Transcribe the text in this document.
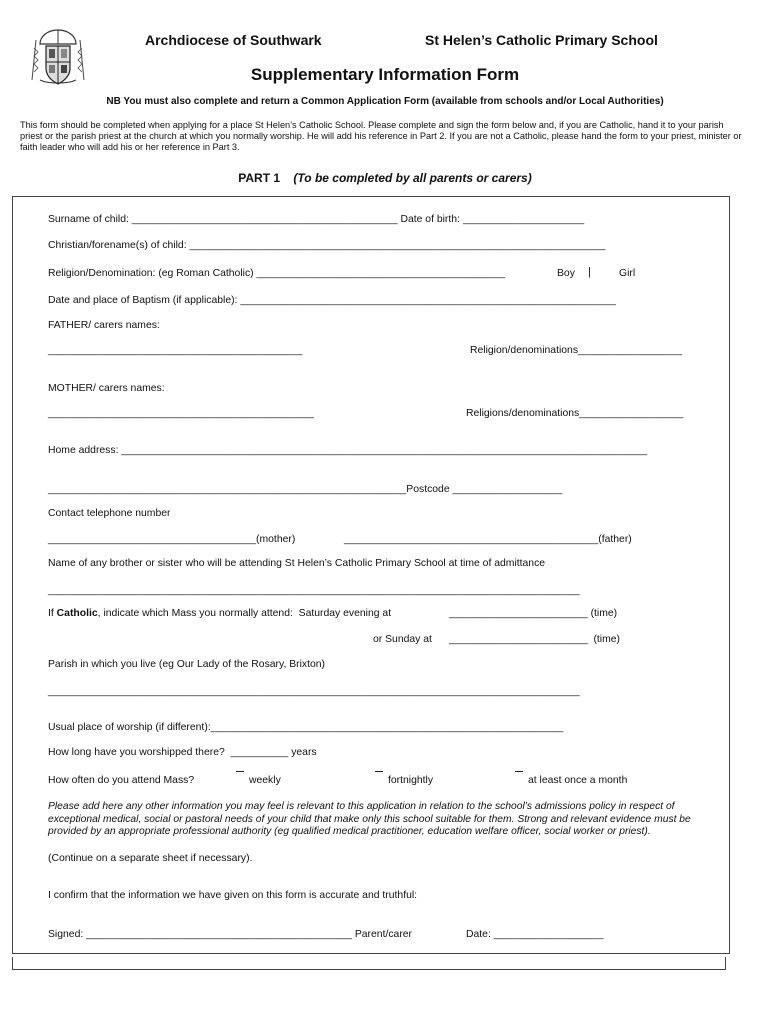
Archdiocese of Southwark	St Helen’s Catholic Primary School
Supplementary Information Form
NB You must also complete and return a Common Application Form (available from schools and/or Local Authorities)
This form should be completed when applying for a place St Helen’s Catholic School. Please complete and sign the form below and, if you are Catholic, hand it to your parish priest or the parish priest at the church at which you normally worship. He will add his reference in Part 2. If you are not a Catholic, please hand the form to your priest, minister or faith leader who will add his or her reference in Part 3.
PART 1 (To be completed by all parents or carers)
Surname of child: ______________________________________________ Date of birth: _____________________
Christian/forename(s) of child: ________________________________________________________________________
Religion/Denomination: (eg Roman Catholic) ___________________________________________	Boy |	Girl
Date and place of Baptism (if applicable): _________________________________________________________________
FATHER/ carers names:
____________________________________________	Religion/denominations__________________
MOTHER/ carers names:
______________________________________________	Religions/denominations__________________
Home address: ___________________________________________________________________________________________
______________________________________________________________Postcode ___________________
Contact telephone number
____________________________________(mother)	____________________________________________(father)
Name of any brother or sister who will be attending St Helen’s Catholic Primary School at time of admittance
____________________________________________________________________________________________
If Catholic, indicate which Mass you normally attend:  Saturday evening at	________________________ (time)
or Sunday at ________________________  (time)
Parish in which you live (eg Our Lady of the Rosary, Brixton)
____________________________________________________________________________________________
Usual place of worship (if different):_____________________________________________________________
How long have you worshipped there?  __________ years
How often do you attend Mass?	weekly	fortnightly	at least once a month
Please add here any other information you may feel is relevant to this application in relation to the school’s admissions policy in respect of exceptional medical, social or pastoral needs of your child that make only this school suitable for them. Strong and relevant evidence must be provided by an appropriate professional authority (eg qualified medical practitioner, education welfare officer, social worker or priest).
(Continue on a separate sheet if necessary).
I confirm that the information we have given on this form is accurate and truthful:
Signed: ______________________________________________ Parent/carer	Date: ___________________
